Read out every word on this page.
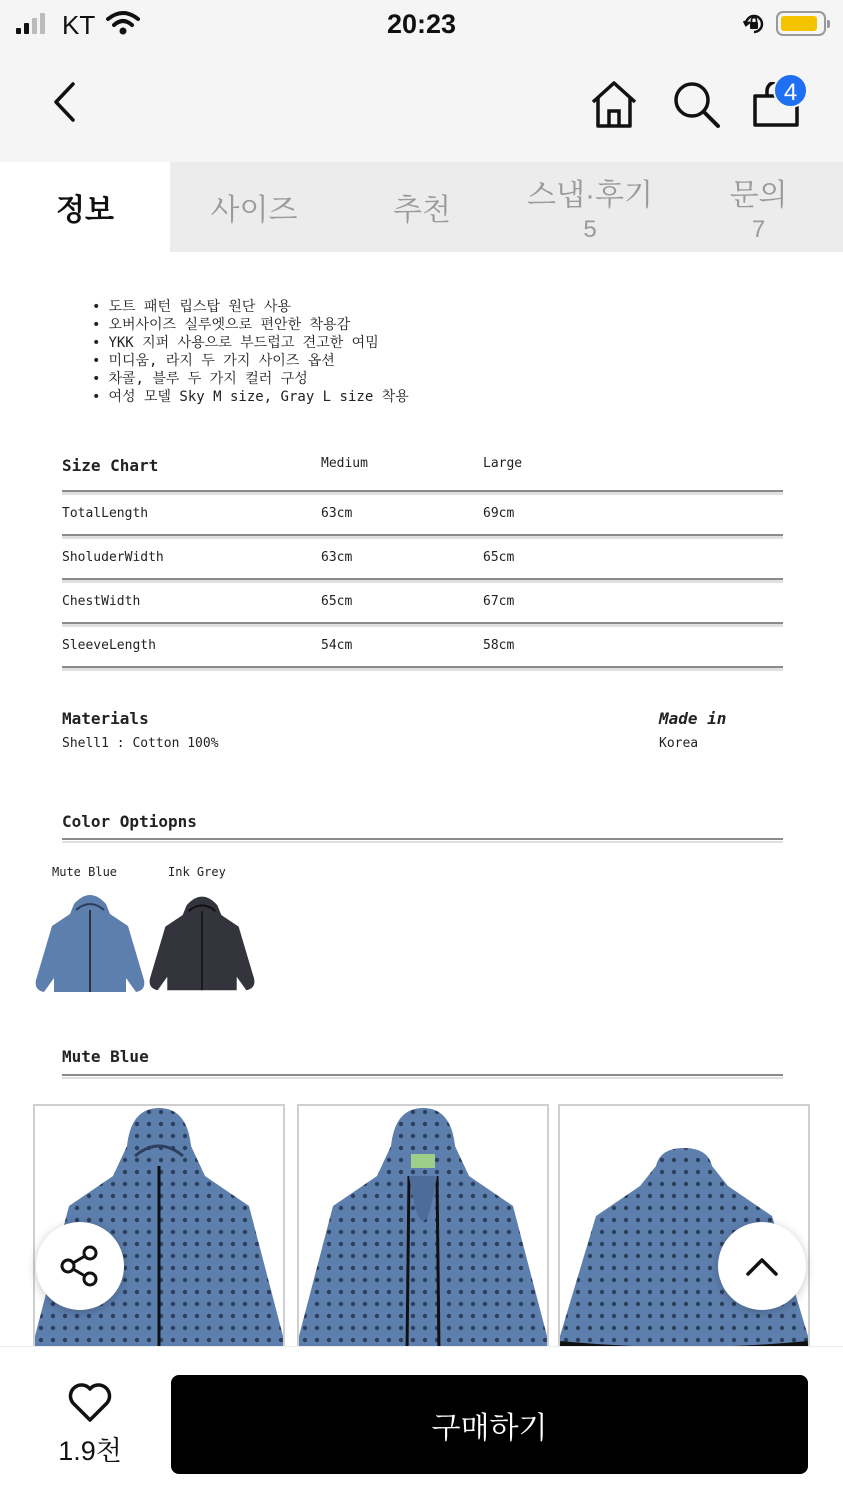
KT	20:23
4
정보	사이즈	추천	스냅·후기
5
문의
7
• 도트 패턴 립스탑 원단 사용
• 오버사이즈 실루엣으로 편안한 착용감
• YKK 지퍼 사용으로 부드럽고 견고한 여밈
• 미디움, 라지 두 가지 사이즈 옵션
• 차콜, 블루 두 가지 컬러 구성
• 여성 모델 Sky M size, Gray L size 착용
Size Chart	Medium	Large
TotalLength	63cm	69cm
SholuderWidth	63cm	65cm
ChestWidth	65cm	67cm
SleeveLength	54cm	58cm
Materials
Shell1 : Cotton 100%
Made in
Korea
Color Optiopns
Mute Blue	Ink Grey
Mute Blue
1.9천
구매하기
